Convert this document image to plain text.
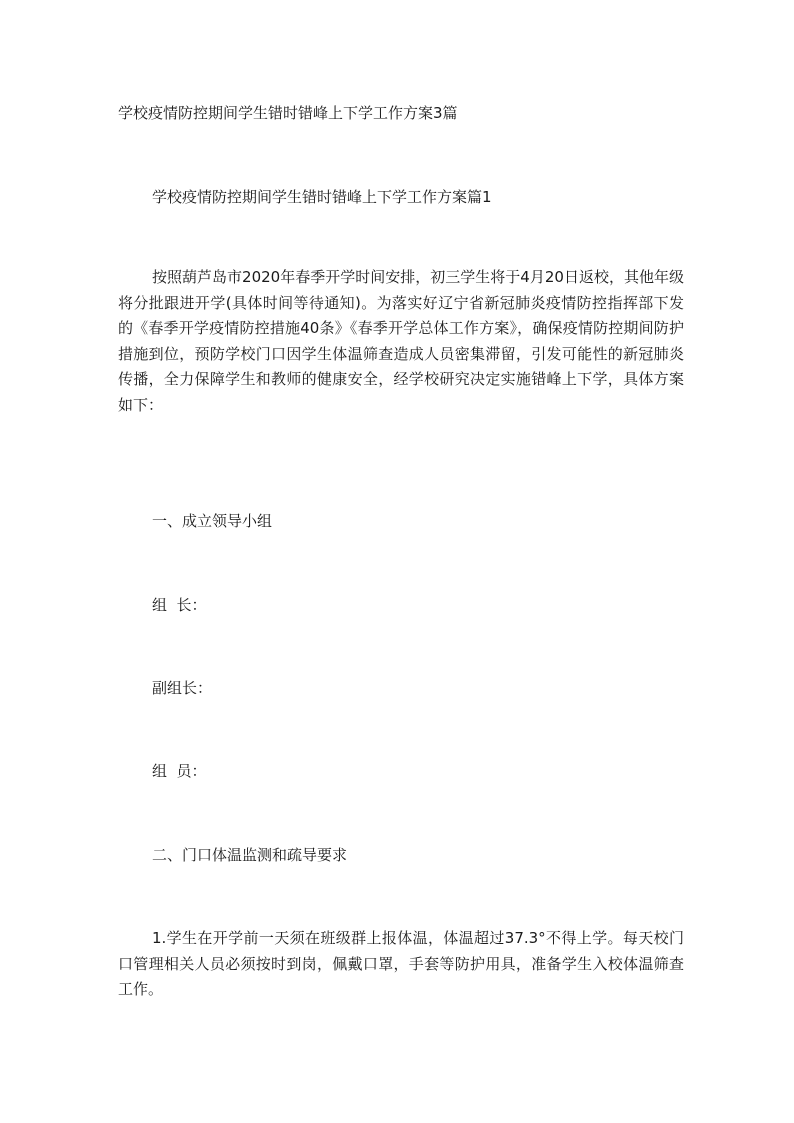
学校疫情防控期间学生错时错峰上下学工作方案3篇
学校疫情防控期间学生错时错峰上下学工作方案篇1

按照葫芦岛市2020年春季开学时间安排，初三学生将于4月20日返校，其他年级将分批跟进开学(具体时间等待通知)。为落实好辽宁省新冠肺炎疫情防控指挥部下发的《春季开学疫情防控措施40条》《春季开学总体工作方案》，确保疫情防控期间防护措施到位，预防学校门口因学生体温筛查造成人员密集滞留，引发可能性的新冠肺炎传播，全力保障学生和教师的健康安全，经学校研究决定实施错峰上下学，具体方案如下：

一、成立领导小组
组  长：
副组长：
组  员：
二、门口体温监测和疏导要求

1.学生在开学前一天须在班级群上报体温，体温超过37.3°不得上学。每天校门口管理相关人员必须按时到岗，佩戴口罩，手套等防护用具，准备学生入校体温筛查工作。
